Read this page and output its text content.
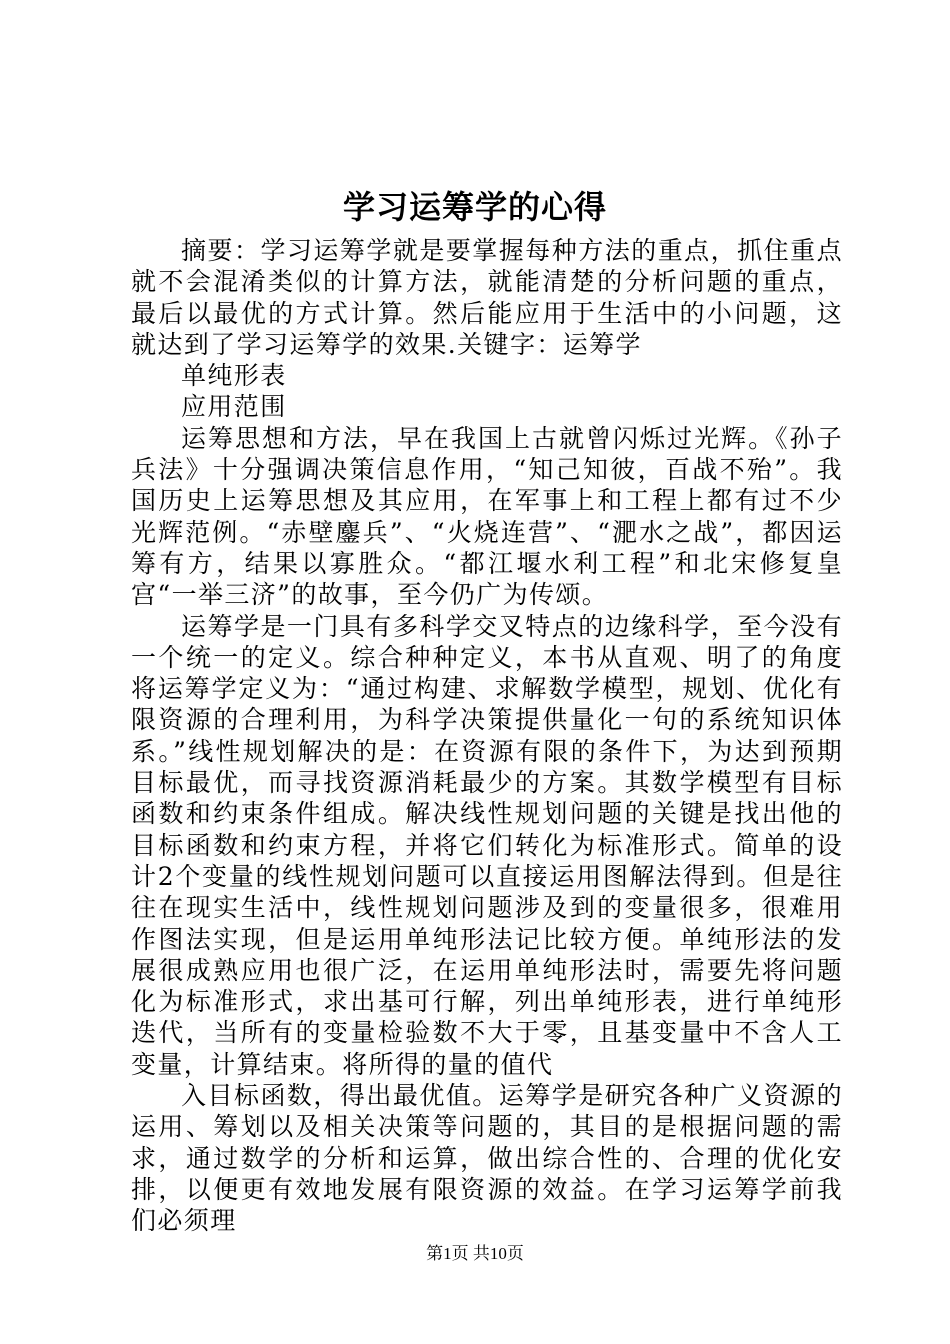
学习运筹学的心得

摘要：学习运筹学就是要掌握每种方法的重点，抓住重点就不会混淆类似的计算方法，就能清楚的分析问题的重点，最后以最优的方式计算。然后能应用于生活中的小问题，这就达到了学习运筹学的效果.关键字：运筹学

单纯形表

应用范围

运筹思想和方法，早在我国上古就曾闪烁过光辉。《孙子兵法》十分强调决策信息作用，“知己知彼，百战不殆”。我国历史上运筹思想及其应用，在军事上和工程上都有过不少光辉范例。“赤壁鏖兵”、“火烧连营”、“淝水之战”，都因运筹有方，结果以寡胜众。“都江堰水利工程”和北宋修复皇宫“一举三济”的故事，至今仍广为传颂。

运筹学是一门具有多科学交叉特点的边缘科学，至今没有一个统一的定义。综合种种定义，本书从直观、明了的角度将运筹学定义为：“通过构建、求解数学模型，规划、优化有限资源的合理利用，为科学决策提供量化一句的系统知识体系。”线性规划解决的是：在资源有限的条件下，为达到预期目标最优，而寻找资源消耗最少的方案。其数学模型有目标函数和约束条件组成。解决线性规划问题的关键是找出他的目标函数和约束方程，并将它们转化为标准形式。简单的设计2个变量的线性规划问题可以直接运用图解法得到。但是往往在现实生活中，线性规划问题涉及到的变量很多，很难用作图法实现，但是运用单纯形法记比较方便。单纯形法的发展很成熟应用也很广泛，在运用单纯形法时，需要先将问题化为标准形式，求出基可行解，列出单纯形表，进行单纯形迭代，当所有的变量检验数不大于零，且基变量中不含人工变量，计算结束。将所得的量的值代

入目标函数，得出最优值。运筹学是研究各种广义资源的运用、筹划以及相关决策等问题的，其目的是根据问题的需求，通过数学的分析和运算，做出综合性的、合理的优化安排，以便更有效地发展有限资源的效益。在学习运筹学前我们必须理

第1页 共10页
